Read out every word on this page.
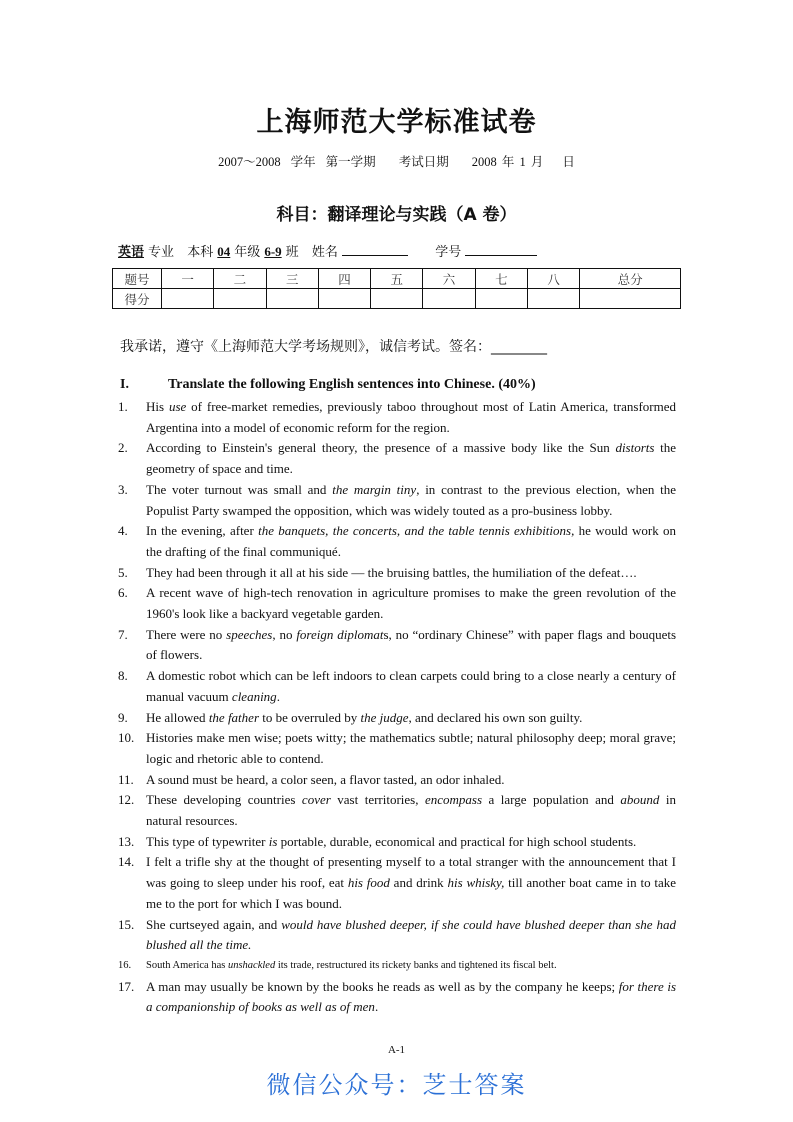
上海师范大学标准试卷
2007～2008 学年 第一学期 考试日期 2008 年 1 月 日
科目：翻译理论与实践（A 卷）
英语 专业 本科 04 年级 6-9 班 姓名	学号
题号	一	二	三	四	五	六	七	八	总分
得分									
我承诺，遵守《上海师范大学考场规则》，诚信考试。签名：________
I.	Translate the following English sentences into Chinese. (40%)
1. His use of free-market remedies, previously taboo throughout most of Latin America, transformed Argentina into a model of economic reform for the region.
2. According to Einstein's general theory, the presence of a massive body like the Sun distorts the geometry of space and time.
3. The voter turnout was small and the margin tiny, in contrast to the previous election, when the Populist Party swamped the opposition, which was widely touted as a pro-business lobby.
4. In the evening, after the banquets, the concerts, and the table tennis exhibitions, he would work on the drafting of the final communiqué.
5. They had been through it all at his side — the bruising battles, the humiliation of the defeat….
6. A recent wave of high-tech renovation in agriculture promises to make the green revolution of the 1960's look like a backyard vegetable garden.
7. There were no speeches, no foreign diplomats, no “ordinary Chinese” with paper flags and bouquets of flowers.
8. A domestic robot which can be left indoors to clean carpets could bring to a close nearly a century of manual vacuum cleaning.
9. He allowed the father to be overruled by the judge, and declared his own son guilty.
10. Histories make men wise; poets witty; the mathematics subtle; natural philosophy deep; moral grave; logic and rhetoric able to contend.
11. A sound must be heard, a color seen, a flavor tasted, an odor inhaled.
12. These developing countries cover vast territories, encompass a large population and abound in natural resources.
13. This type of typewriter is portable, durable, economical and practical for high school students.
14. I felt a trifle shy at the thought of presenting myself to a total stranger with the announcement that I was going to sleep under his roof, eat his food and drink his whisky, till another boat came in to take me to the port for which I was bound.
15. She curtseyed again, and would have blushed deeper, if she could have blushed deeper than she had blushed all the time.
16. South America has unshackled its trade, restructured its rickety banks and tightened its fiscal belt.
17. A man may usually be known by the books he reads as well as by the company he keeps; for there is a companionship of books as well as of men.
A-1
微信公众号：芝士答案
